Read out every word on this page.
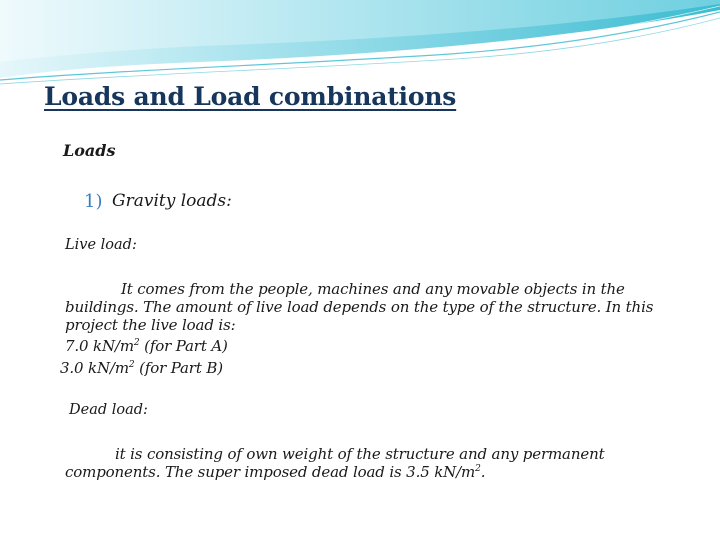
Loads and Load combinations
Loads
1) Gravity loads:
Live load:
It comes from the people, machines and any movable objects in the
buildings. The amount of live load depends on the type of the structure. In this
project the live load is:
7.0 $kN/m^2$ (for Part A)
3.0 $kN/m^2$ (for Part B)
Dead load:
it is consisting of own weight of the structure and any permanent
components. The super imposed dead load is 3.5 $kN/m^2$.
